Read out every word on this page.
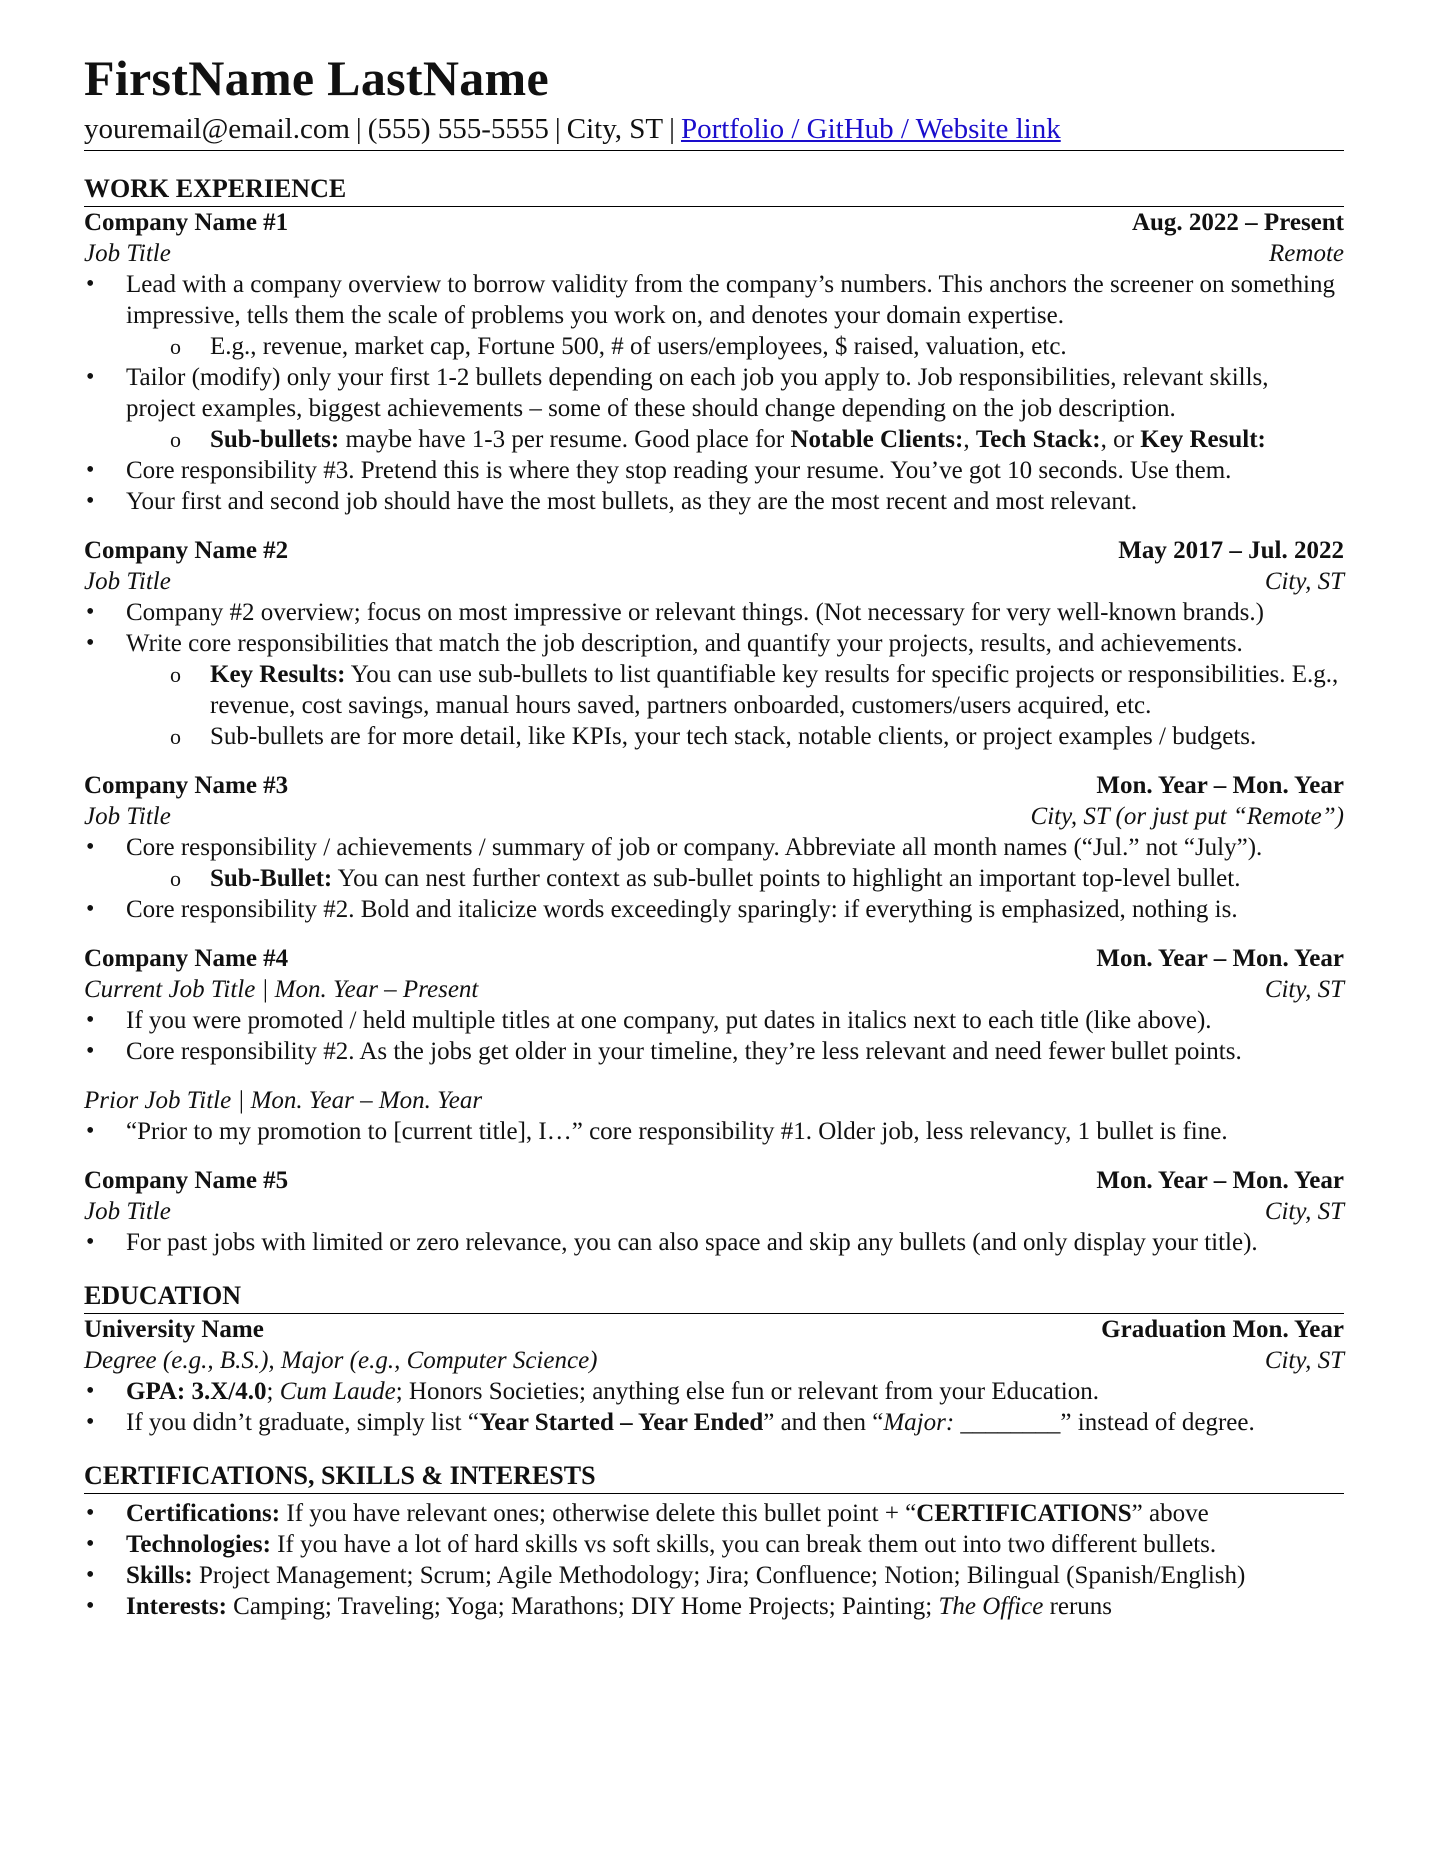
FirstName LastName
youremail@email.com | (555) 555-5555 | City, ST | Portfolio / GitHub / Website link
WORK EXPERIENCE
Company Name #1	Aug. 2022 – Present
Job Title	Remote
• Lead with a company overview to borrow validity from the company’s numbers. This anchors the screener on something impressive, tells them the scale of problems you work on, and denotes your domain expertise.
o E.g., revenue, market cap, Fortune 500, # of users/employees, $ raised, valuation, etc.
• Tailor (modify) only your first 1-2 bullets depending on each job you apply to. Job responsibilities, relevant skills, project examples, biggest achievements – some of these should change depending on the job description.
o Sub-bullets: maybe have 1-3 per resume. Good place for Notable Clients:, Tech Stack:, or Key Result:
• Core responsibility #3. Pretend this is where they stop reading your resume. You’ve got 10 seconds. Use them.
• Your first and second job should have the most bullets, as they are the most recent and most relevant.
Company Name #2	May 2017 – Jul. 2022
Job Title	City, ST
• Company #2 overview; focus on most impressive or relevant things. (Not necessary for very well-known brands.)
• Write core responsibilities that match the job description, and quantify your projects, results, and achievements.
o Key Results: You can use sub-bullets to list quantifiable key results for specific projects or responsibilities. E.g., revenue, cost savings, manual hours saved, partners onboarded, customers/users acquired, etc.
o Sub-bullets are for more detail, like KPIs, your tech stack, notable clients, or project examples / budgets.
Company Name #3	Mon. Year – Mon. Year
Job Title	City, ST (or just put “Remote”)
• Core responsibility / achievements / summary of job or company. Abbreviate all month names (“Jul.” not “July”).
o Sub-Bullet: You can nest further context as sub-bullet points to highlight an important top-level bullet.
• Core responsibility #2. Bold and italicize words exceedingly sparingly: if everything is emphasized, nothing is.
Company Name #4	Mon. Year – Mon. Year
Current Job Title | Mon. Year – Present	City, ST
• If you were promoted / held multiple titles at one company, put dates in italics next to each title (like above).
• Core responsibility #2. As the jobs get older in your timeline, they’re less relevant and need fewer bullet points.
Prior Job Title | Mon. Year – Mon. Year
• “Prior to my promotion to [current title], I…” core responsibility #1. Older job, less relevancy, 1 bullet is fine.
Company Name #5	Mon. Year – Mon. Year
Job Title	City, ST
• For past jobs with limited or zero relevance, you can also space and skip any bullets (and only display your title).
EDUCATION
University Name	Graduation Mon. Year
Degree (e.g., B.S.), Major (e.g., Computer Science)	City, ST
• GPA: 3.X/4.0; Cum Laude; Honors Societies; anything else fun or relevant from your Education.
• If you didn’t graduate, simply list “Year Started – Year Ended” and then “Major: ________” instead of degree.
CERTIFICATIONS, SKILLS & INTERESTS
• Certifications: If you have relevant ones; otherwise delete this bullet point + “CERTIFICATIONS” above
• Technologies: If you have a lot of hard skills vs soft skills, you can break them out into two different bullets.
• Skills: Project Management; Scrum; Agile Methodology; Jira; Confluence; Notion; Bilingual (Spanish/English)
• Interests: Camping; Traveling; Yoga; Marathons; DIY Home Projects; Painting; The Office reruns
